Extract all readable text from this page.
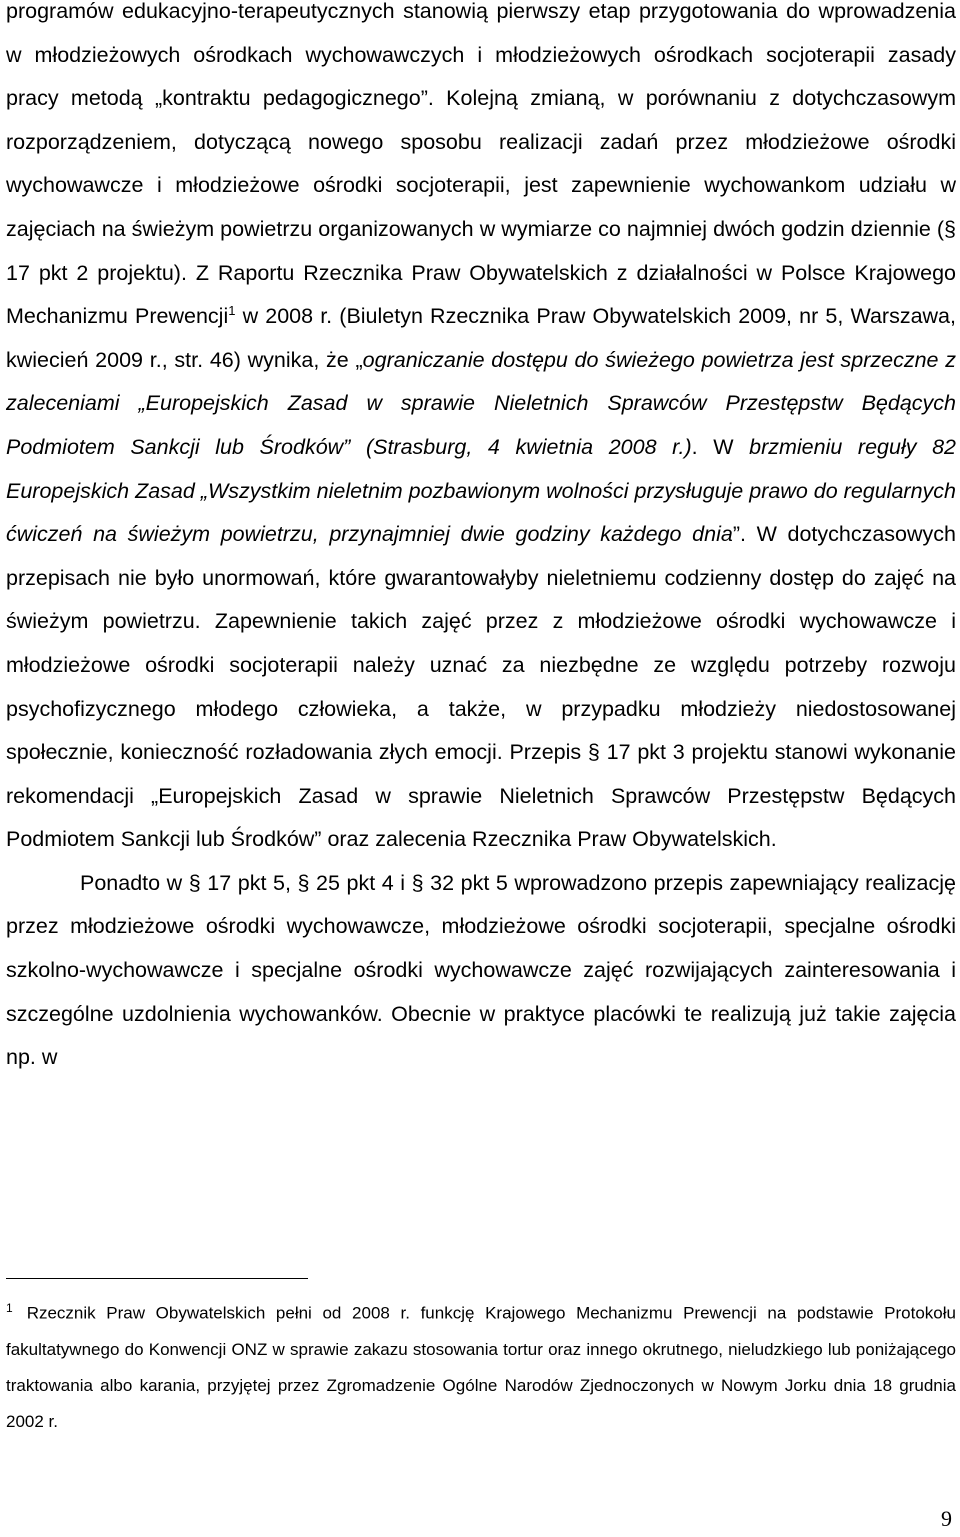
programów edukacyjno-terapeutycznych stanowią pierwszy etap przygotowania do wprowadzenia w młodzieżowych ośrodkach wychowawczych i młodzieżowych ośrodkach socjoterapii zasady pracy metodą „kontraktu pedagogicznego”. Kolejną zmianą, w porównaniu z dotychczasowym rozporządzeniem, dotyczącą nowego sposobu realizacji zadań przez młodzieżowe ośrodki wychowawcze i młodzieżowe ośrodki socjoterapii, jest zapewnienie wychowankom udziału w zajęciach na świeżym powietrzu organizowanych w wymiarze co najmniej dwóch godzin dziennie (§ 17 pkt 2 projektu). Z Raportu Rzecznika Praw Obywatelskich z działalności w Polsce Krajowego Mechanizmu Prewencji$^1$ w 2008 r. (Biuletyn Rzecznika Praw Obywatelskich 2009, nr 5, Warszawa, kwiecień 2009 r., str. 46) wynika, że „ograniczanie dostępu do świeżego powietrza jest sprzeczne z zaleceniami „Europejskich Zasad w sprawie Nieletnich Sprawców Przestępstw Będących Podmiotem Sankcji lub Środków” (Strasburg, 4 kwietnia 2008 r.). W brzmieniu reguły 82 Europejskich Zasad „Wszystkim nieletnim pozbawionym wolności przysługuje prawo do regularnych ćwiczeń na świeżym powietrzu, przynajmniej dwie godziny każdego dnia”. W dotychczasowych przepisach nie było unormowań, które gwarantowałyby nieletniemu codzienny dostęp do zajęć na świeżym powietrzu. Zapewnienie takich zajęć przez z młodzieżowe ośrodki wychowawcze i młodzieżowe ośrodki socjoterapii należy uznać za niezbędne ze względu potrzeby rozwoju psychofizycznego młodego człowieka, a także, w przypadku młodzieży niedostosowanej społecznie, konieczność rozładowania złych emocji. Przepis § 17 pkt 3 projektu stanowi wykonanie rekomendacji „Europejskich Zasad w sprawie Nieletnich Sprawców Przestępstw Będących Podmiotem Sankcji lub Środków” oraz zalecenia Rzecznika Praw Obywatelskich.

Ponadto w § 17 pkt 5, § 25 pkt 4 i § 32 pkt 5 wprowadzono przepis zapewniający realizację przez młodzieżowe ośrodki wychowawcze, młodzieżowe ośrodki socjoterapii, specjalne ośrodki szkolno-wychowawcze i specjalne ośrodki wychowawcze zajęć rozwijających zainteresowania i szczególne uzdolnienia wychowanków. Obecnie w praktyce placówki te realizują już takie zajęcia np. w

$^1$ Rzecznik Praw Obywatelskich pełni od 2008 r. funkcję Krajowego Mechanizmu Prewencji na podstawie Protokołu fakultatywnego do Konwencji ONZ w sprawie zakazu stosowania tortur oraz innego okrutnego, nieludzkiego lub poniżającego traktowania albo karania, przyjętej przez Zgromadzenie Ogólne Narodów Zjednoczonych w Nowym Jorku dnia 18 grudnia 2002 r.
9
